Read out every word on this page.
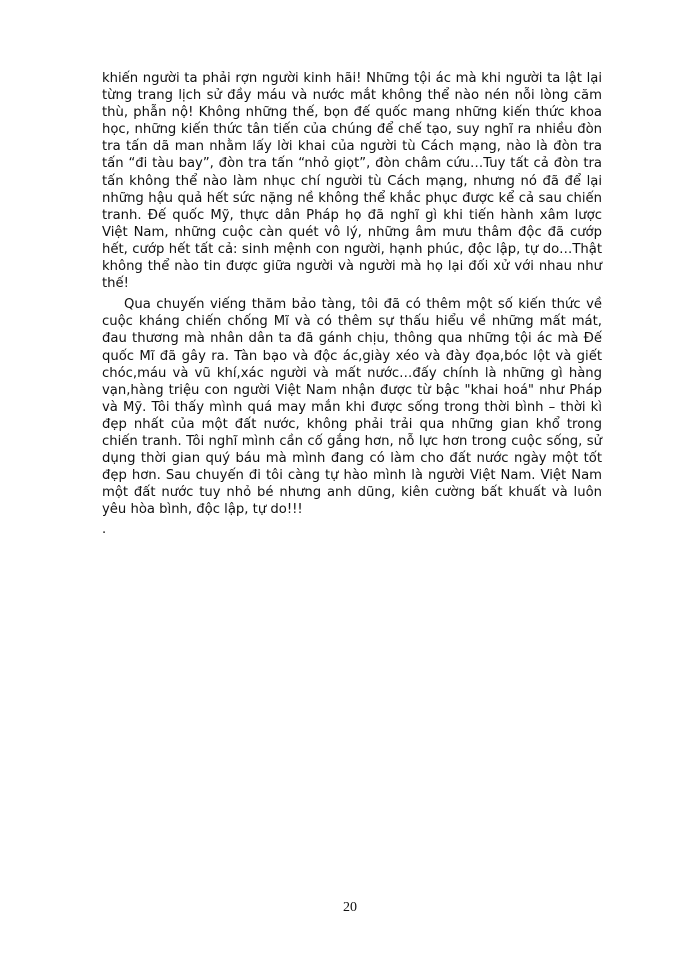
khiến người ta phải rợn người kinh hãi! Những tội ác mà khi người ta lật lại từng trang lịch sử đầy máu và nước mắt không thể nào nén nỗi lòng căm thù, phẫn nộ! Không những thế, bọn đế quốc mang những kiến thức khoa học, những kiến thức tân tiến của chúng để chế tạo, suy nghĩ ra nhiều đòn tra tấn dã man nhằm lấy lời khai của người tù Cách mạng, nào là đòn tra tấn “đi tàu bay”, đòn tra tấn “nhỏ giọt”, đòn châm cứu…Tuy tất cả đòn tra tấn không thể nào làm nhục chí người tù Cách mạng, nhưng nó đã để lại những hậu quả hết sức nặng nề không thể khắc phục được kể cả sau chiến tranh. Đế quốc Mỹ, thực dân Pháp họ đã nghĩ gì khi tiến hành xâm lược Việt Nam, những cuộc càn quét vô lý, những âm mưu thâm độc đã cướp hết, cướp hết tất cả: sinh mệnh con người, hạnh phúc, độc lập, tự do…Thật không thể nào tin được giữa người và người mà họ lại đối xử với nhau như thế!

Qua chuyến viếng thăm bảo tàng, tôi đã có thêm một số kiến thức về cuộc kháng chiến chống Mĩ và có thêm sự thấu hiểu về những mất mát, đau thương mà nhân dân ta đã gánh chịu, thông qua những tội ác mà Đế quốc Mĩ đã gây ra. Tàn bạo và độc ác,giày xéo và đày đọa,bóc lột và giết chóc,máu và vũ khí,xác người và mất nước…đấy chính là những gì hàng vạn,hàng triệu con người Việt Nam nhận được từ bậc "khai hoá" như Pháp và Mỹ. Tôi thấy mình quá may mắn khi được sống trong thời bình – thời kì đẹp nhất của một đất nước, không phải trải qua những gian khổ trong chiến tranh. Tôi nghĩ mình cần cố gắng hơn, nỗ lực hơn trong cuộc sống, sử dụng thời gian quý báu mà mình đang có làm cho đất nước ngày một tốt đẹp hơn. Sau chuyến đi tôi càng tự hào mình là người Việt Nam. Việt Nam một đất nước tuy nhỏ bé nhưng anh dũng, kiên cường bất khuất và luôn yêu hòa bình, độc lập, tự do!!!

.
20
